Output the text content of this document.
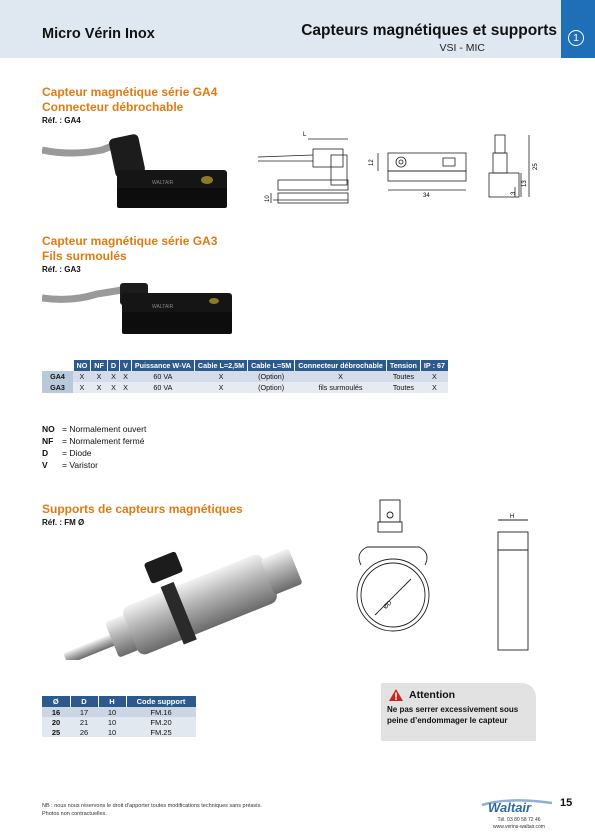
Micro Vérin Inox	Capteurs magnétiques et supports
VSI - MIC
1
Capteur magnétique série GA4
Connecteur débrochable
Réf. : GA4
WALTAIR
L
12
34
10
25
13
3
Capteur magnétique série GA3
Fils surmoulés
Réf. : GA3
WALTAIR
	NO	NF	D	V	Puissance W-VA	Cable L=2,5M	Cable L=5M	Connecteur débrochable	Tension	IP : 67
GA4	X	X	X	X	60 VA	X	(Option)	X	Toutes	X
GA3	X	X	X	X	60 VA	X	(Option)	fils surmoulés	Toutes	X
NO = Normalement ouvert
NF = Normalement fermé
D = Diode
V = Varistor
Supports de capteurs magnétiques
Réf. : FM Ø
ØD
H
Ø	D	H	Code support
16	17	10	FM.16
20	21	10	FM.20
25	26	10	FM.25
Attention
Ne pas serrer excessivement sous peine d’endommager le capteur
NB : nous nous réservons le droit d’apporter toutes modifications techniques sans préavis.
Photos non contractuelles.	Waltair
Tél. 03 80 58 72 46
www.verins-waltair.com
15
